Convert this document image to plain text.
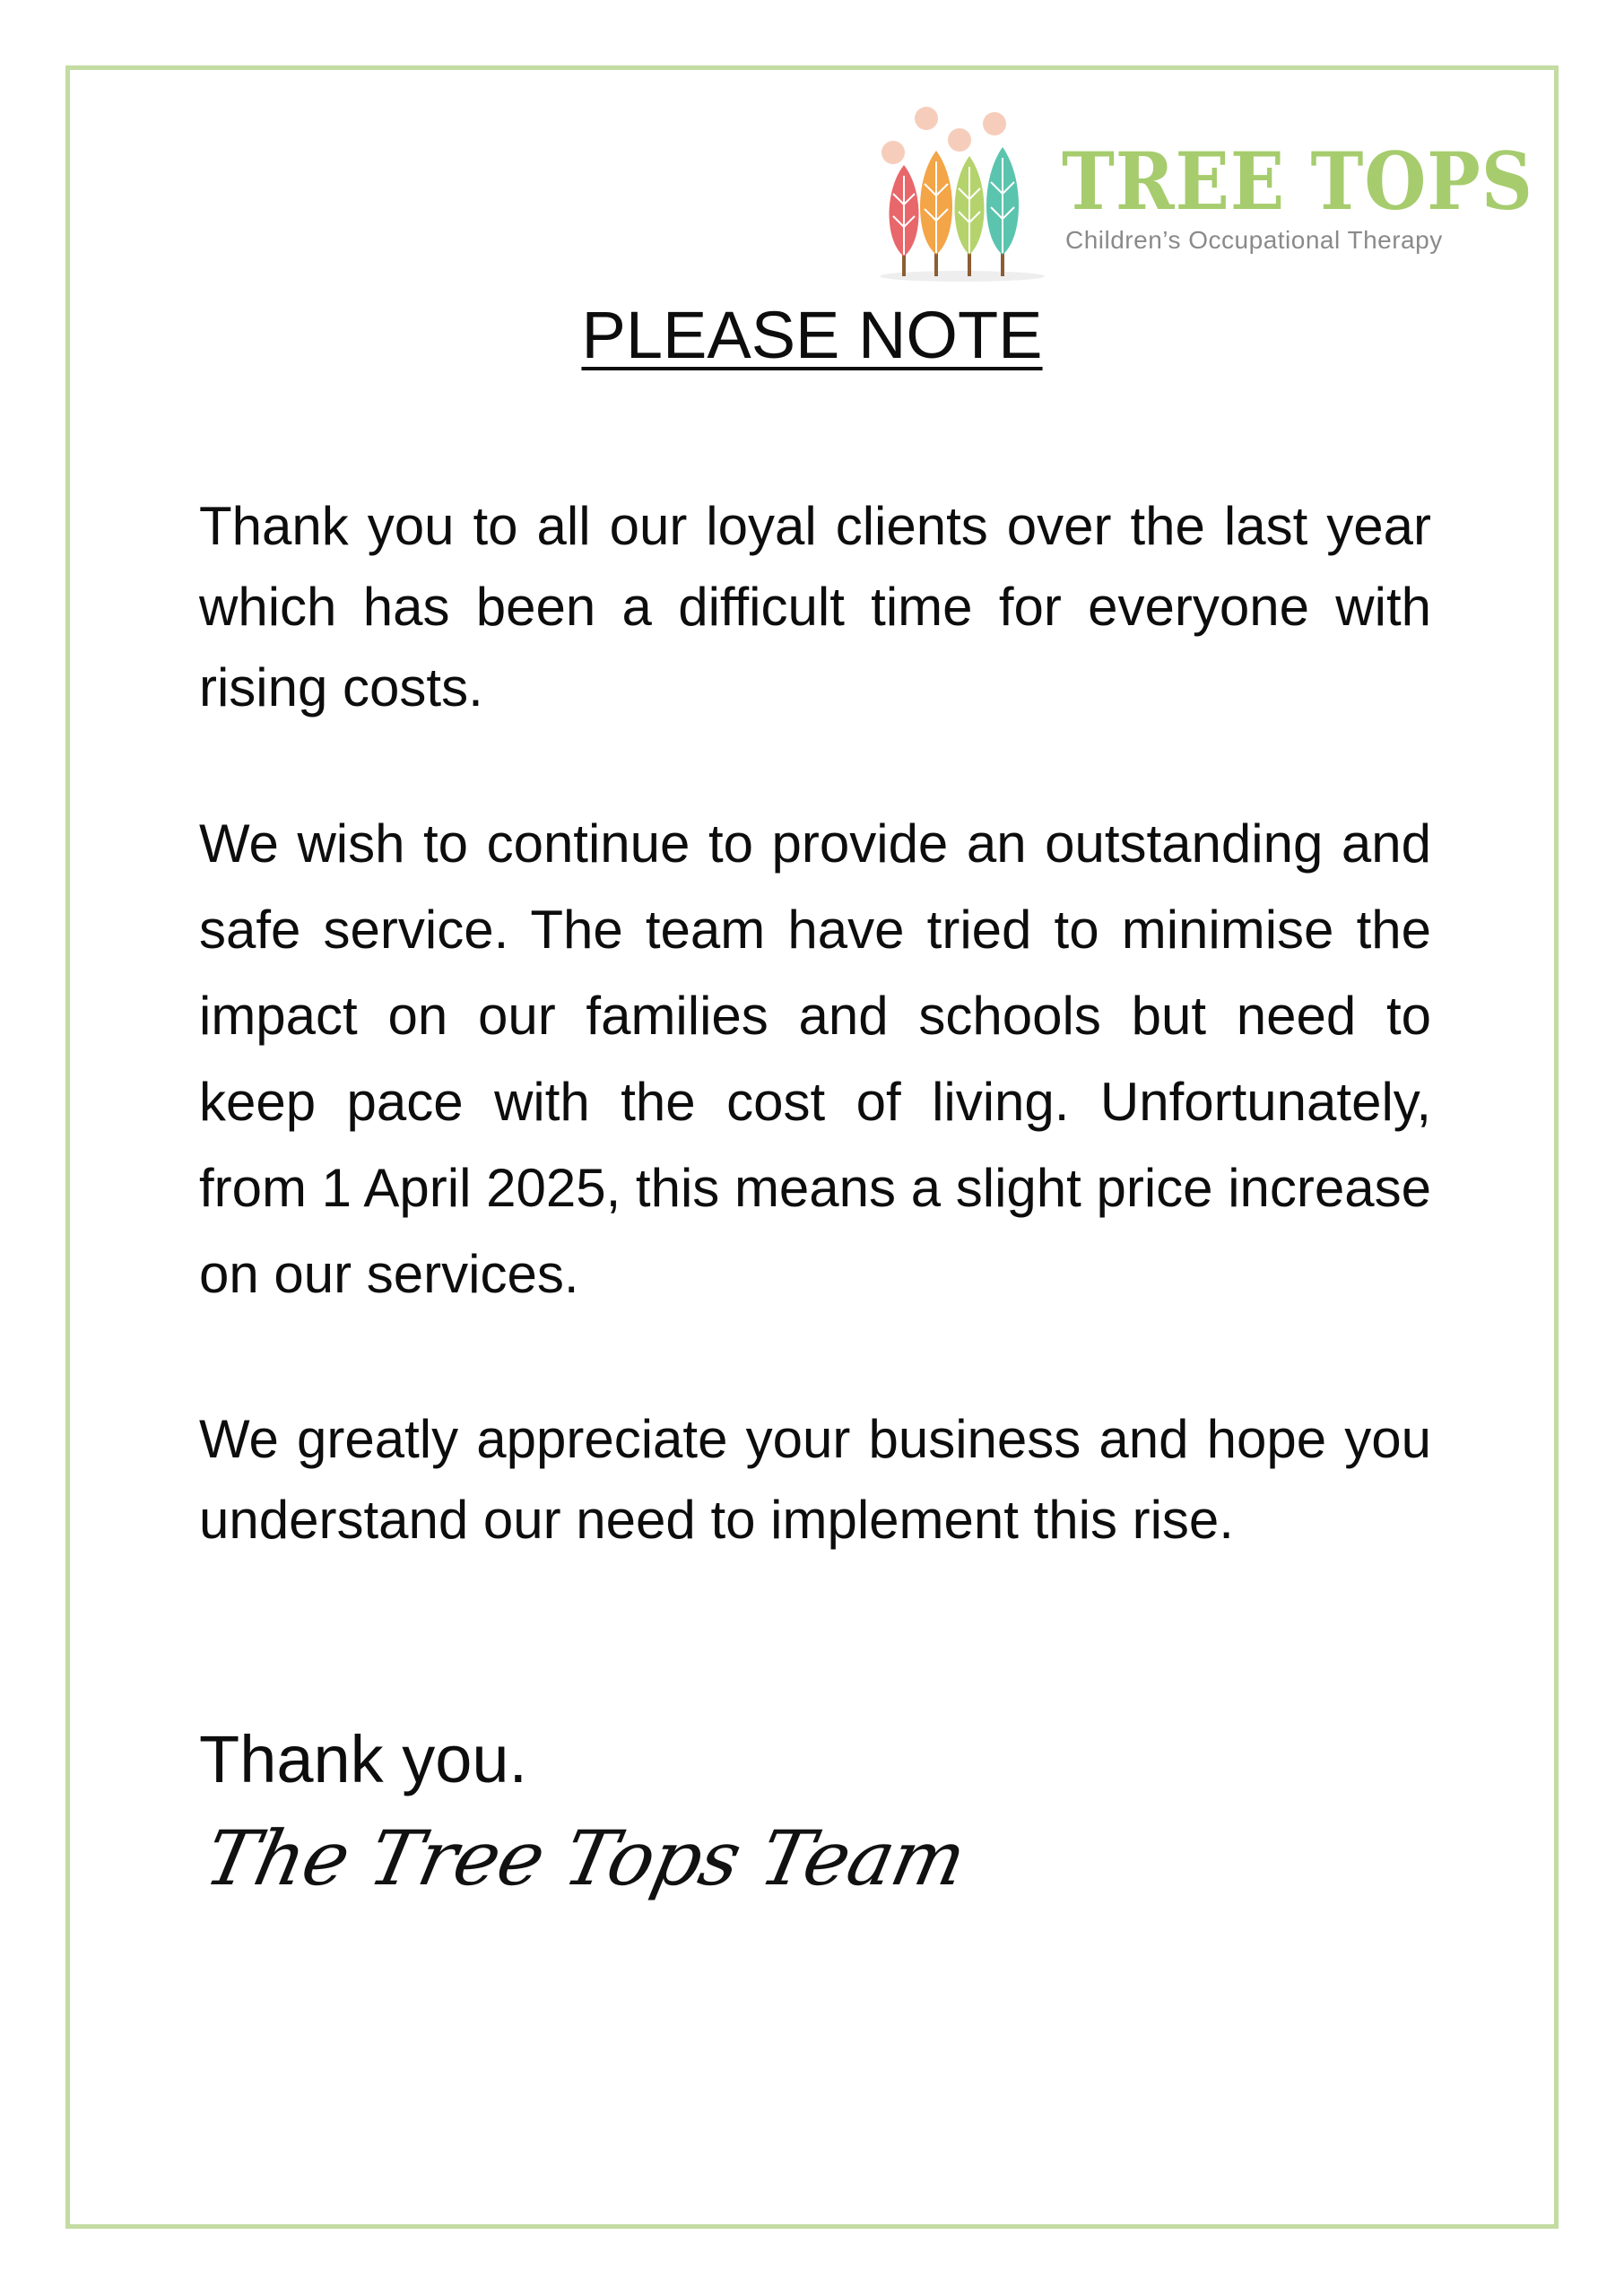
TREE TOPS
Children’s Occupational Therapy
PLEASE NOTE

Thank you to all our loyal clients over the last year which has been a difficult time for everyone with rising costs.

We wish to continue to provide an outstanding and safe service. The team have tried to minimise the impact on our families and schools but need to keep pace with the cost of living. Unfortunately, from 1 April 2025, this means a slight price increase on our services.

We greatly appreciate your business and hope you understand our need to implement this rise.

Thank you.

The Tree Tops Team
